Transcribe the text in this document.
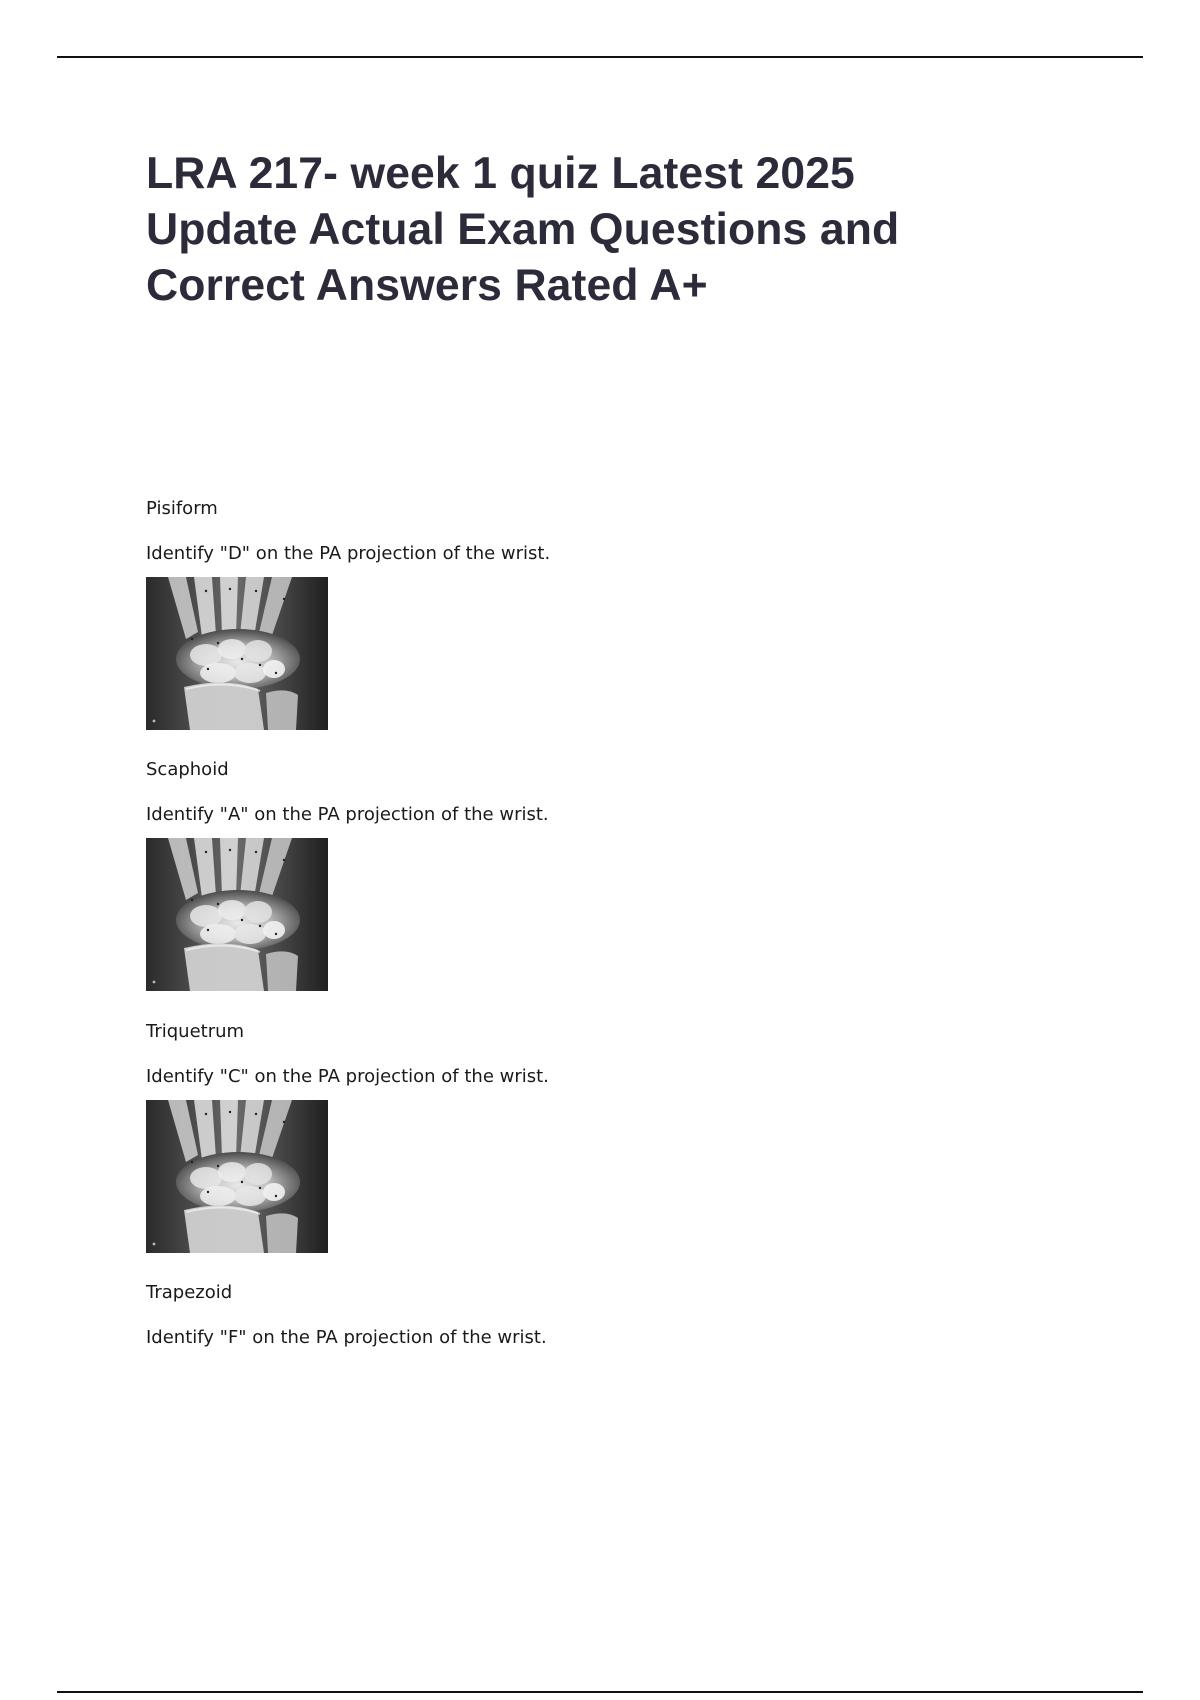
LRA 217- week 1 quiz Latest 2025
Update Actual Exam Questions and
Correct Answers Rated A+
Pisiform
Identify "D" on the PA projection of the wrist.
Scaphoid
Identify "A" on the PA projection of the wrist.
Triquetrum
Identify "C" on the PA projection of the wrist.
Trapezoid
Identify "F" on the PA projection of the wrist.
